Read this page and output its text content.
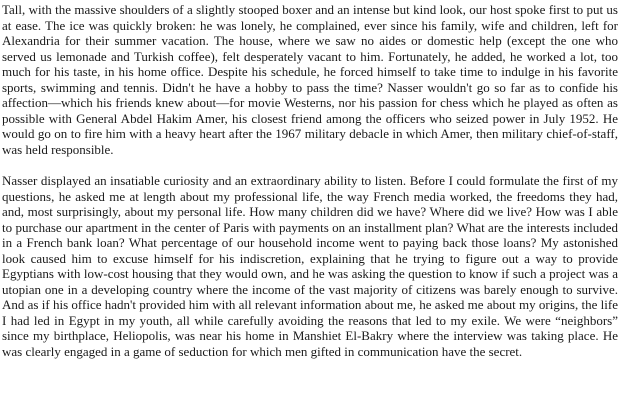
Tall, with the massive shoulders of a slightly stooped boxer and an intense but kind look, our host spoke first to put us at ease. The ice was quickly broken: he was lonely, he complained, ever since his family, wife and children, left for Alexandria for their summer vacation. The house, where we saw no aides or domestic help (except the one who served us lemonade and Turkish coffee), felt desperately vacant to him. Fortunately, he added, he worked a lot, too much for his taste, in his home office. Despite his schedule, he forced himself to take time to indulge in his favorite sports, swimming and tennis. Didn't he have a hobby to pass the time? Nasser wouldn't go so far as to confide his affection—which his friends knew about—for movie Westerns, nor his passion for chess which he played as often as possible with General Abdel Hakim Amer, his closest friend among the officers who seized power in July 1952. He would go on to fire him with a heavy heart after the 1967 military debacle in which Amer, then military chief-of-staff, was held responsible.

Nasser displayed an insatiable curiosity and an extraordinary ability to listen. Before I could formulate the first of my questions, he asked me at length about my professional life, the way French media worked, the freedoms they had, and, most surprisingly, about my personal life. How many children did we have? Where did we live? How was I able to purchase our apartment in the center of Paris with payments on an installment plan? What are the interests included in a French bank loan? What percentage of our household income went to paying back those loans? My astonished look caused him to excuse himself for his indiscretion, explaining that he trying to figure out a way to provide Egyptians with low-cost housing that they would own, and he was asking the question to know if such a project was a utopian one in a developing country where the income of the vast majority of citizens was barely enough to survive. And as if his office hadn't provided him with all relevant information about me, he asked me about my origins, the life I had led in Egypt in my youth, all while carefully avoiding the reasons that led to my exile. We were “neighbors” since my birthplace, Heliopolis, was near his home in Manshiet El-Bakry where the interview was taking place. He was clearly engaged in a game of seduction for which men gifted in communication have the secret.
